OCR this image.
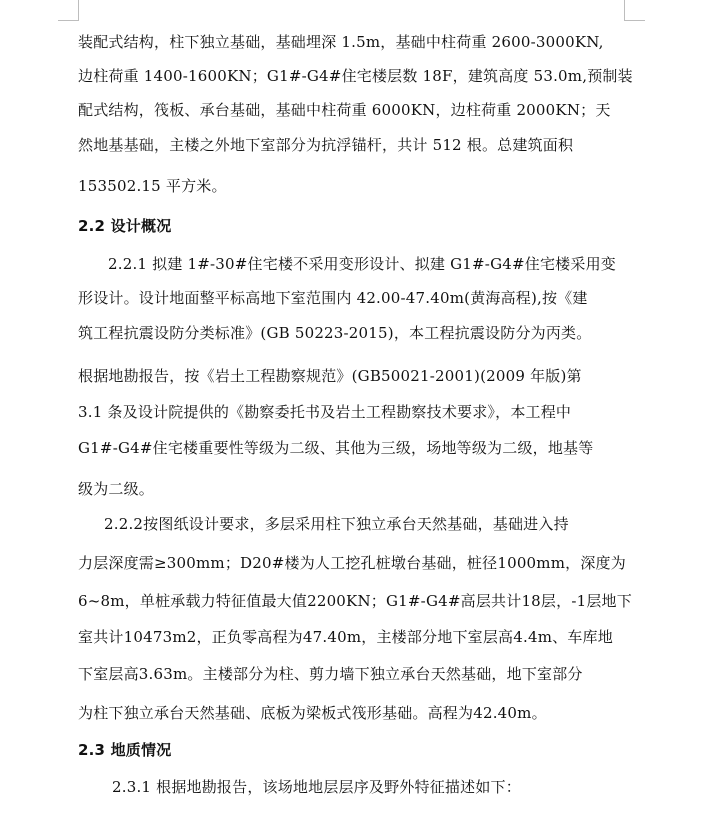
装配式结构，柱下独立基础，基础埋深 1.5m，基础中柱荷重 2600-3000KN,
边柱荷重 1400-1600KN；G1#-G4#住宅楼层数 18F，建筑高度 53.0m,预制装
配式结构，筏板、承台基础，基础中柱荷重 6000KN，边柱荷重 2000KN；天
然地基基础，主楼之外地下室部分为抗浮锚杆，共计 512 根。总建筑面积
153502.15 平方米。
2.2 设计概况
2.2.1 拟建 1#-30#住宅楼不采用变形设计、拟建 G1#-G4#住宅楼采用变
形设计。设计地面整平标高地下室范围内 42.00-47.40m(黄海高程),按《建
筑工程抗震设防分类标准》(GB 50223-2015)，本工程抗震设防分为丙类。
根据地勘报告，按《岩土工程勘察规范》(GB50021-2001)(2009 年版)第
3.1 条及设计院提供的《勘察委托书及岩土工程勘察技术要求》，本工程中
G1#-G4#住宅楼重要性等级为二级、其他为三级，场地等级为二级，地基等
级为二级。
2.2.2按图纸设计要求，多层采用柱下独立承台天然基础，基础进入持
力层深度需≥300mm；D20#楼为人工挖孔桩墩台基础，桩径1000mm，深度为
6~8m，单桩承载力特征值最大值2200KN；G1#-G4#高层共计18层，-1层地下
室共计10473m2，正负零高程为47.40m，主楼部分地下室层高4.4m、车库地
下室层高3.63m。主楼部分为柱、剪力墙下独立承台天然基础，地下室部分
为柱下独立承台天然基础、底板为梁板式筏形基础。高程为42.40m。
2.3 地质情况
2.3.1 根据地勘报告，该场地地层层序及野外特征描述如下：
